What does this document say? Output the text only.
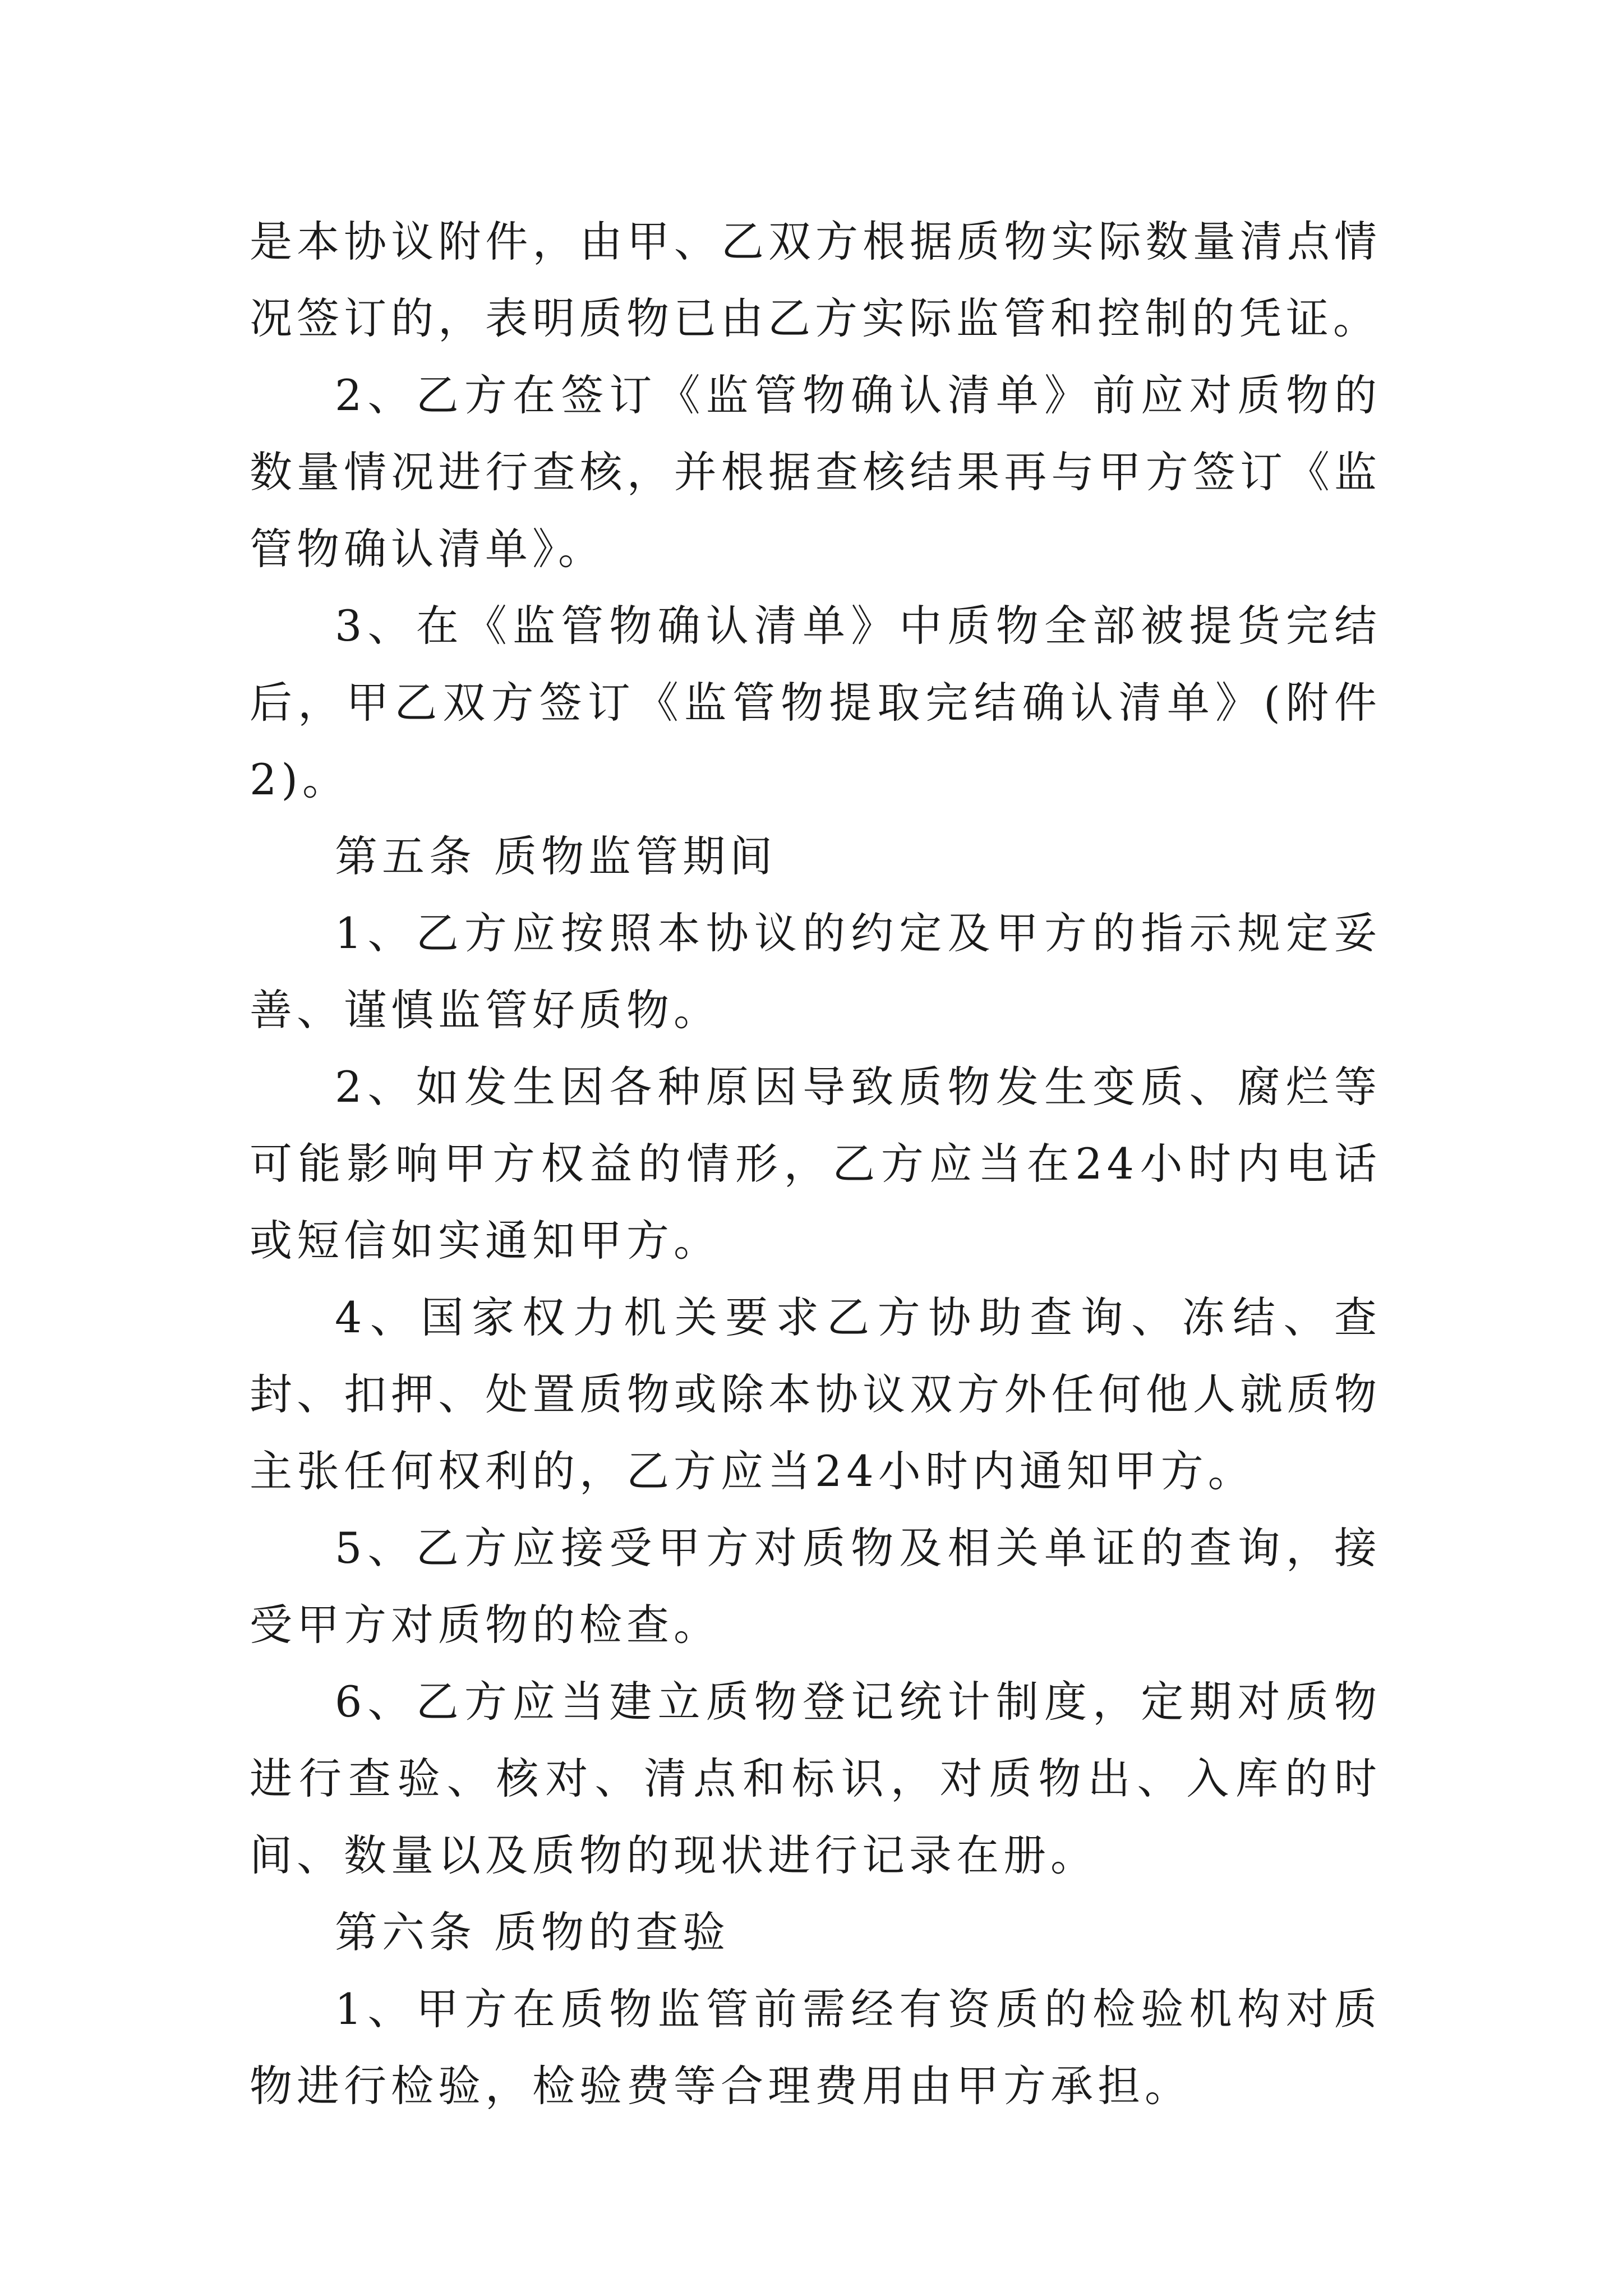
是本协议附件，由甲、乙双方根据质物实际数量清点情况签订的，表明质物已由乙方实际监管和控制的凭证。

2、乙方在签订《监管物确认清单》前应对质物的数量情况进行查核，并根据查核结果再与甲方签订《监管物确认清单》。

3、在《监管物确认清单》中质物全部被提货完结后，甲乙双方签订《监管物提取完结确认清单》(附件2)。

第五条 质物监管期间

1、乙方应按照本协议的约定及甲方的指示规定妥善、谨慎监管好质物。

2、如发生因各种原因导致质物发生变质、腐烂等可能影响甲方权益的情形，乙方应当在24小时内电话或短信如实通知甲方。

4、国家权力机关要求乙方协助查询、冻结、查封、扣押、处置质物或除本协议双方外任何他人就质物主张任何权利的，乙方应当24小时内通知甲方。

5、乙方应接受甲方对质物及相关单证的查询，接受甲方对质物的检查。

6、乙方应当建立质物登记统计制度，定期对质物进行查验、核对、清点和标识，对质物出、入库的时间、数量以及质物的现状进行记录在册。

第六条 质物的查验

1、甲方在质物监管前需经有资质的检验机构对质物进行检验，检验费等合理费用由甲方承担。
